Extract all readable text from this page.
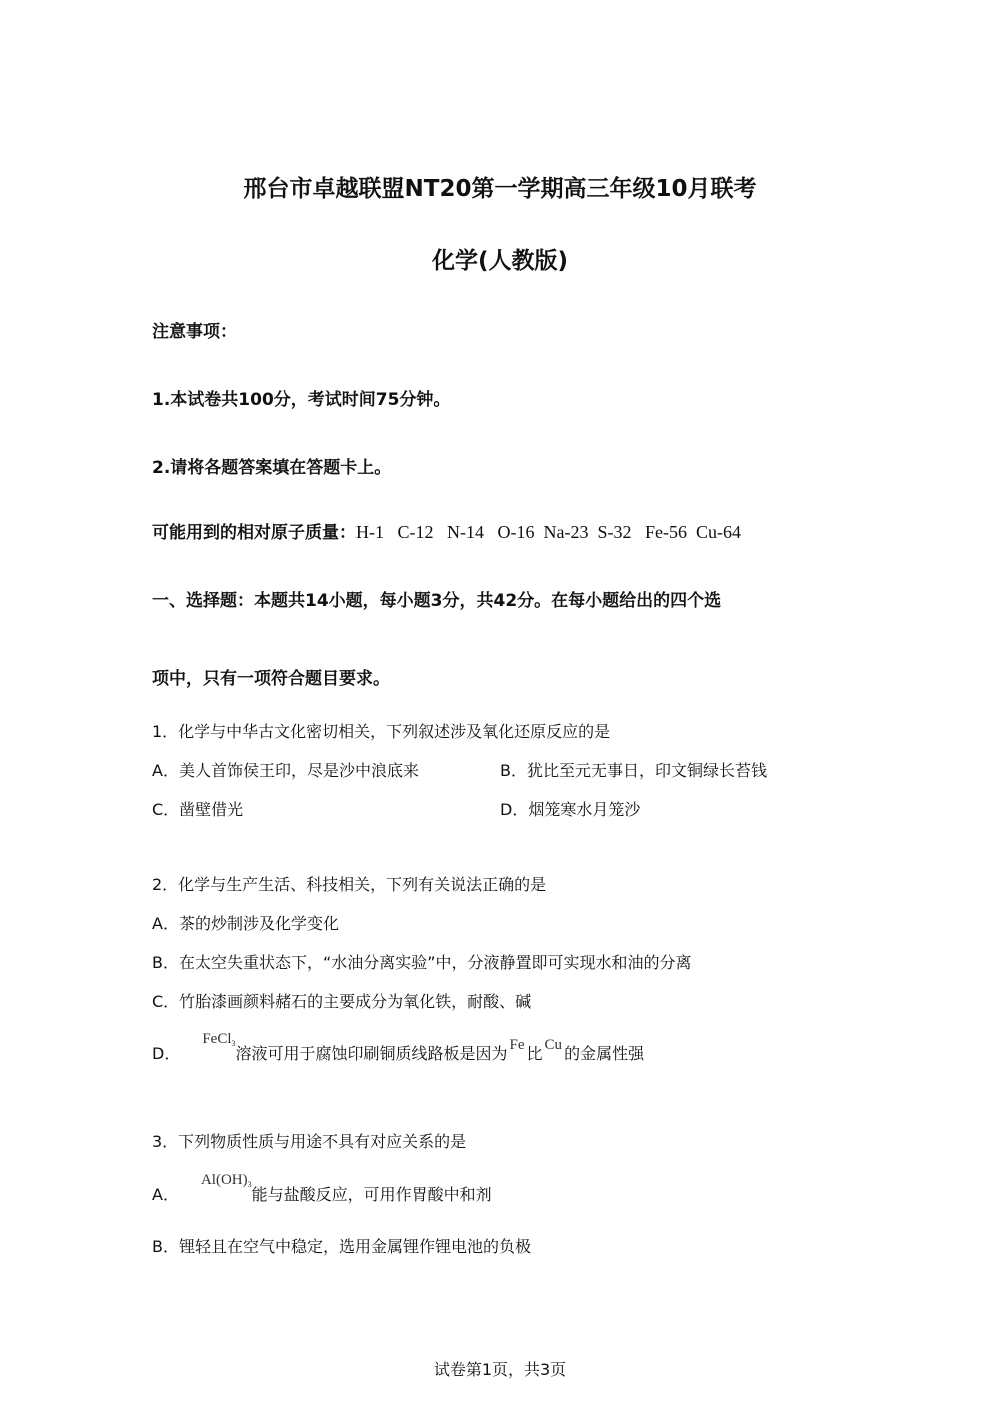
邢台市卓越联盟NT20第一学期高三年级10月联考
化学(人教版)
注意事项：
1.本试卷共100分，考试时间75分钟。
2.请将各题答案填在答题卡上。
可能用到的相对原子质量：H-1   C-12   N-14   O-16  Na-23  S-32   Fe-56  Cu-64
一、选择题：本题共14小题，每小题3分，共42分。在每小题给出的四个选
项中，只有一项符合题目要求。
1．化学与中华古文化密切相关，下列叙述涉及氧化还原反应的是
A．美人首饰侯王印，尽是沙中浪底来	B．犹比至元无事日，印文铜绿长苔钱
C．凿壁借光	D．烟笼寒水月笼沙
2．化学与生产生活、科技相关，下列有关说法正确的是
A．茶的炒制涉及化学变化
B．在太空失重状态下，“水油分离实验”中，分液静置即可实现水和油的分离
C．竹胎漆画颜料赭石的主要成分为氧化铁，耐酸、碱
D．FeCl$_3$溶液可用于腐蚀印刷铜质线路板是因为 Fe 比 Cu 的金属性强
3．下列物质性质与用途不具有对应关系的是
A．$Al(OH)_3$能与盐酸反应，可用作胃酸中和剂
B．锂轻且在空气中稳定，选用金属锂作锂电池的负极
试卷第1页，共3页
